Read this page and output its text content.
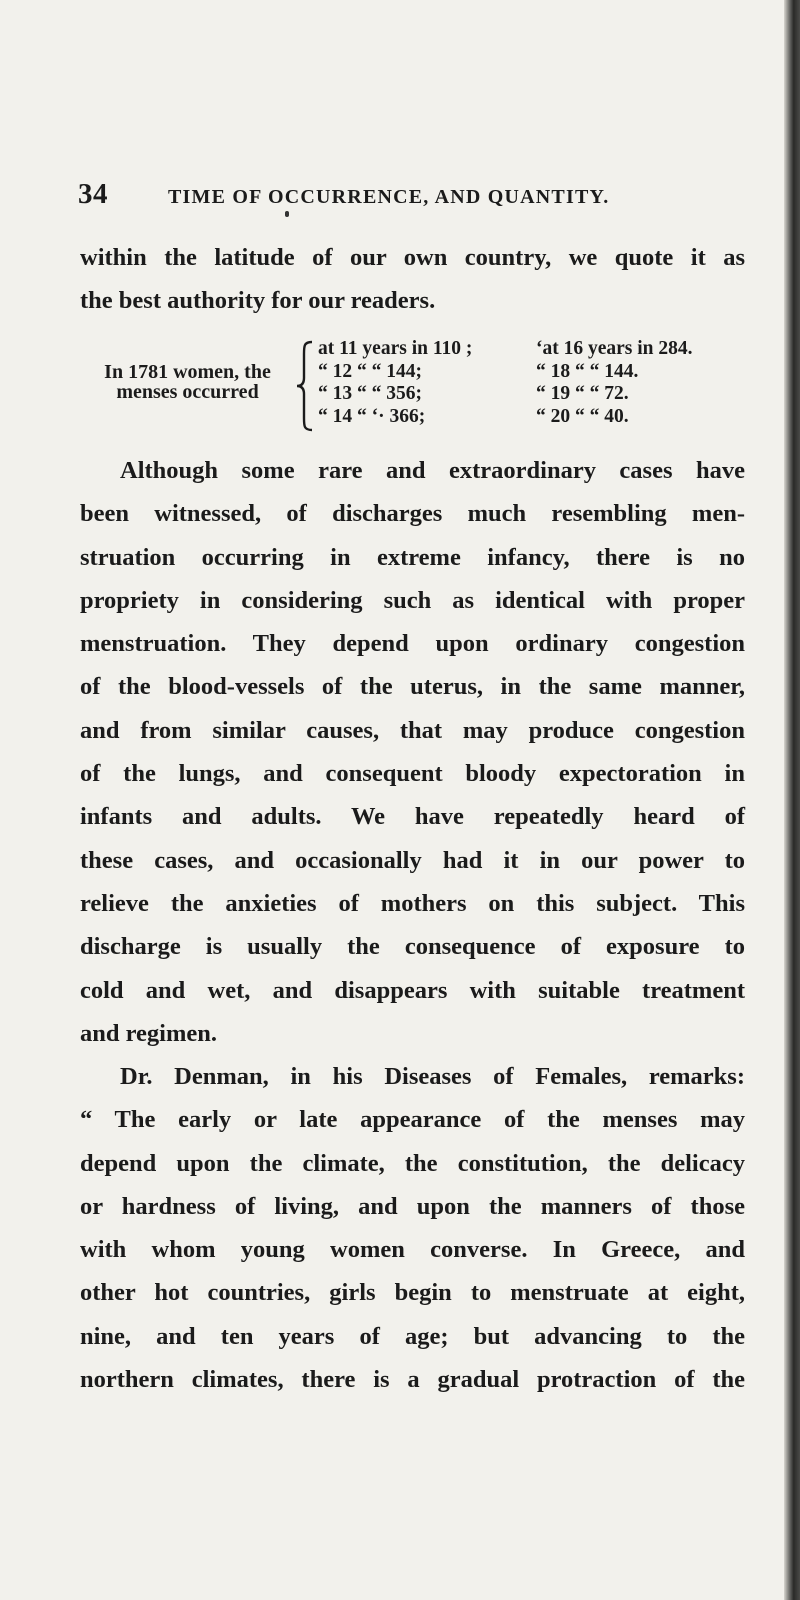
34	TIME OF OCCURRENCE, AND QUANTITY.
within the latitude of our own country, we quote it as
the best authority for our readers.
In 1781 women, the
menses occurred
at 11 years in 110 ;	‘at 16 years in 284.
“ 12 “ “ 144;	“ 18 “ “ 144.
“ 13 “ “ 356;	“ 19 “ “ 72.
“ 14 “ ‘· 366;	“ 20 “ “ 40.
Although some rare and extraordinary cases have
been witnessed, of discharges much resembling men-
struation occurring in extreme infancy, there is no
propriety in considering such as identical with proper
menstruation. They depend upon ordinary congestion
of the blood-vessels of the uterus, in the same manner,
and from similar causes, that may produce congestion
of the lungs, and consequent bloody expectoration in
infants and adults. We have repeatedly heard of
these cases, and occasionally had it in our power to
relieve the anxieties of mothers on this subject. This
discharge is usually the consequence of exposure to
cold and wet, and disappears with suitable treatment
and regimen.
Dr. Denman, in his Diseases of Females, remarks:
“ The early or late appearance of the menses may
depend upon the climate, the constitution, the delicacy
or hardness of living, and upon the manners of those
with whom young women converse. In Greece, and
other hot countries, girls begin to menstruate at eight,
nine, and ten years of age; but advancing to the
northern climates, there is a gradual protraction of the
